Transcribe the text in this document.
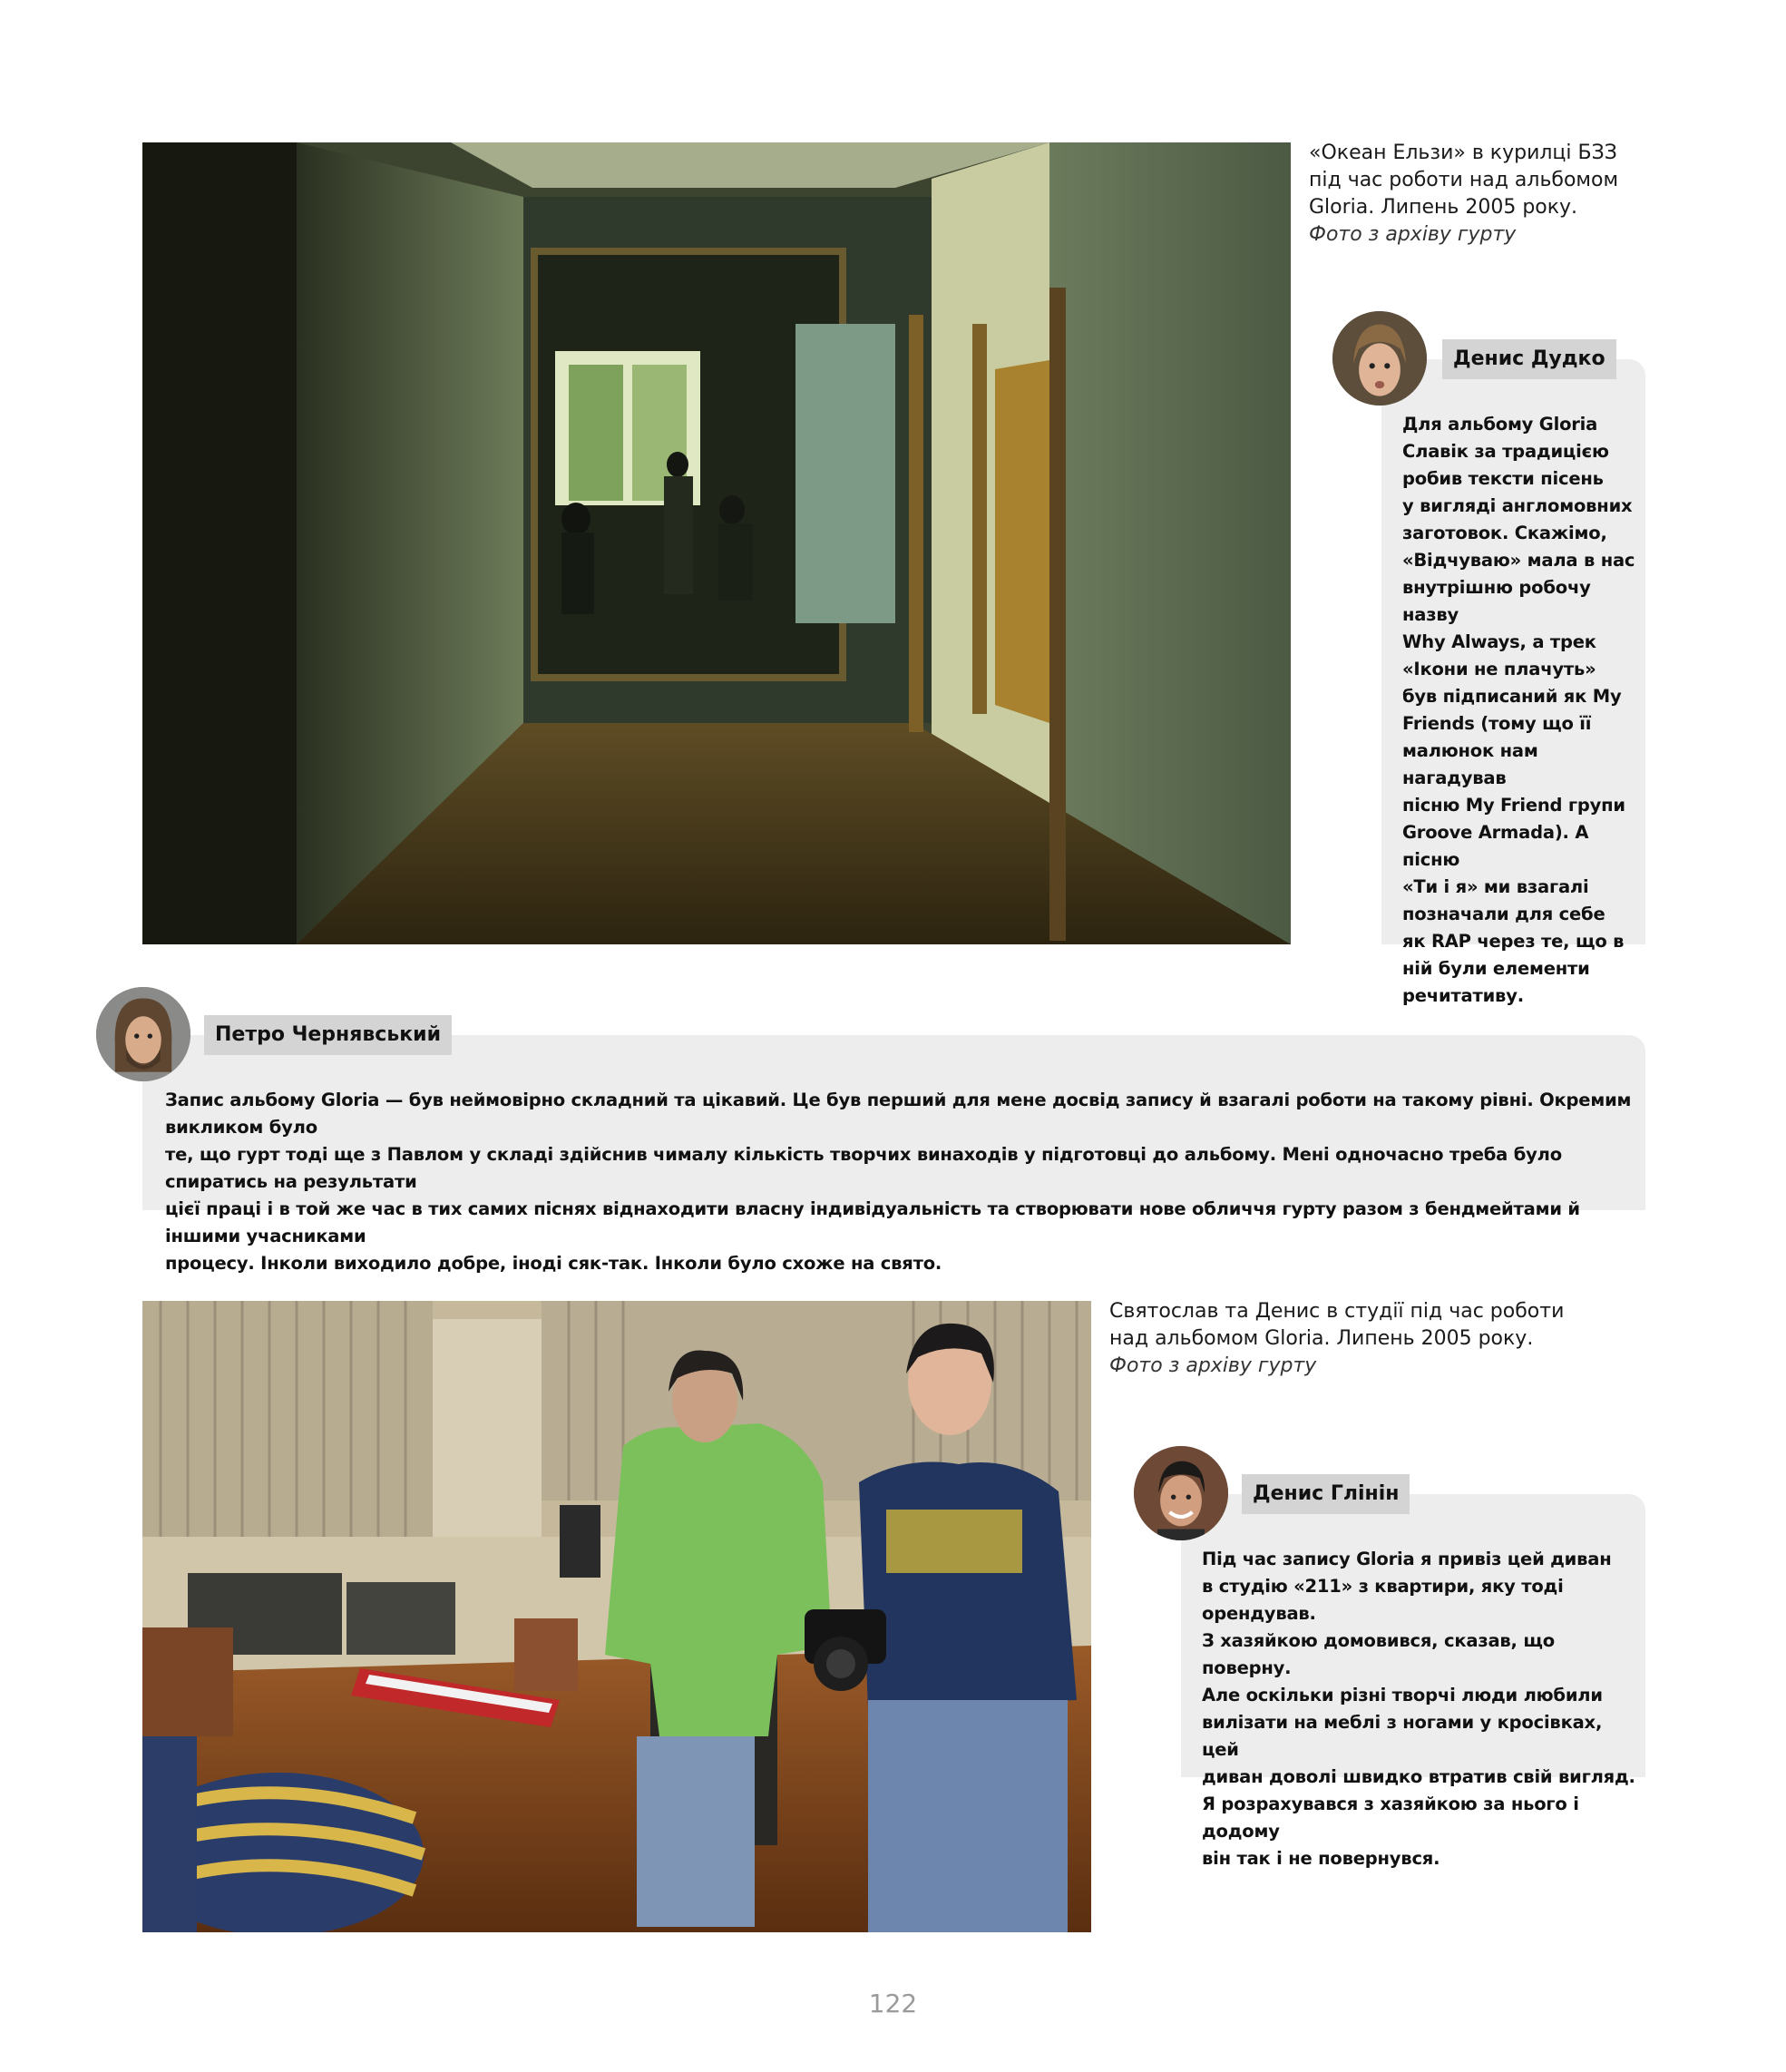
«Океан Ельзи» в курилці БЗЗ
під час роботи над альбомом
Gloria. Липень 2005 року.
Фото з архіву гурту
Денис Дудко
Для альбому Gloria
Славік за традицією
робив тексти пісень
у вигляді англомовних
заготовок. Скажімо,
«Відчуваю» мала в нас
внутрішню робочу назву
Why Always, а трек
«Ікони не плачуть»
був підписаний як My
Friends (тому що її
малюнок нам нагадував
пісню My Friend групи
Groove Armada). А пісню
«Ти і я» ми взагалі
позначали для себе
як RAP через те, що в
ній були елементи
речитативу.
Петро Чернявський
Запис альбому Gloria — був неймовірно складний та цікавий. Це був перший для мене досвід запису й взагалі роботи на такому рівні. Окремим викликом було
те, що гурт тоді ще з Павлом у складі здійснив чималу кількість творчих винаходів у підготовці до альбому. Мені одночасно треба було спиратись на результати
цієї праці і в той же час в тих самих піснях віднаходити власну індивідуальність та створювати нове обличчя гурту разом з бендмейтами й іншими учасниками
процесу. Інколи виходило добре, іноді сяк-так. Інколи було схоже на свято.
Святослав та Денис в студії під час роботи
над альбомом Gloria. Липень 2005 року.
Фото з архіву гурту
Денис Глінін
Під час запису Gloria я привіз цей диван
в студію «211» з квартири, яку тоді орендував.
З хазяйкою домовився, сказав, що поверну.
Але оскільки різні творчі люди любили
вилізати на меблі з ногами у кросівках, цей
диван доволі швидко втратив свій вигляд.
Я розрахувався з хазяйкою за нього і додому
він так і не повернувся.
122
